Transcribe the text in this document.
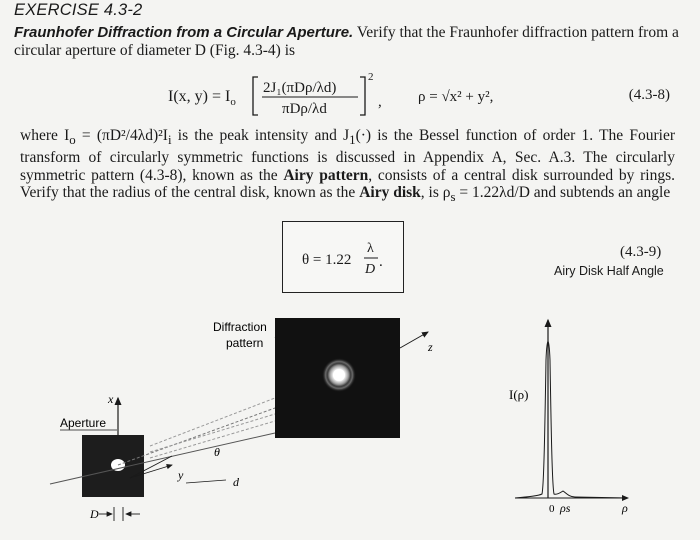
EXERCISE 4.3-2
Fraunhofer Diffraction from a Circular Aperture. Verify that the Fraunhofer diffraction pattern from a circular aperture of diameter D (Fig. 4.3-4) is
I(x, $y) = I_o$
2J₁(πDρ/λd)
πDρ/λd
2
, ρ = √x² + y²,	(4.3-8)
where $I_o = (\pi D^2/4\lambda d)^2I_i$ is the peak intensity and $J_1(\cdot)$ is the Bessel function of order 1. The Fourier transform of circularly symmetric functions is discussed in Appendix A, Sec. A.3. The circularly symmetric pattern (4.3-8), known as the Airy pattern, consists of a central disk surrounded by rings. Verify that the radius of the central disk, known as the Airy disk, is $\rho_s = 1.22\lambda d/D$ and subtends an angle
θ = 1.22
λ
D .
(4.3-9)
Airy Disk Half Angle
x
Aperture
D
θ
y	d
Diffraction
pattern	z
I(ρ)
0 ρs	ρ
